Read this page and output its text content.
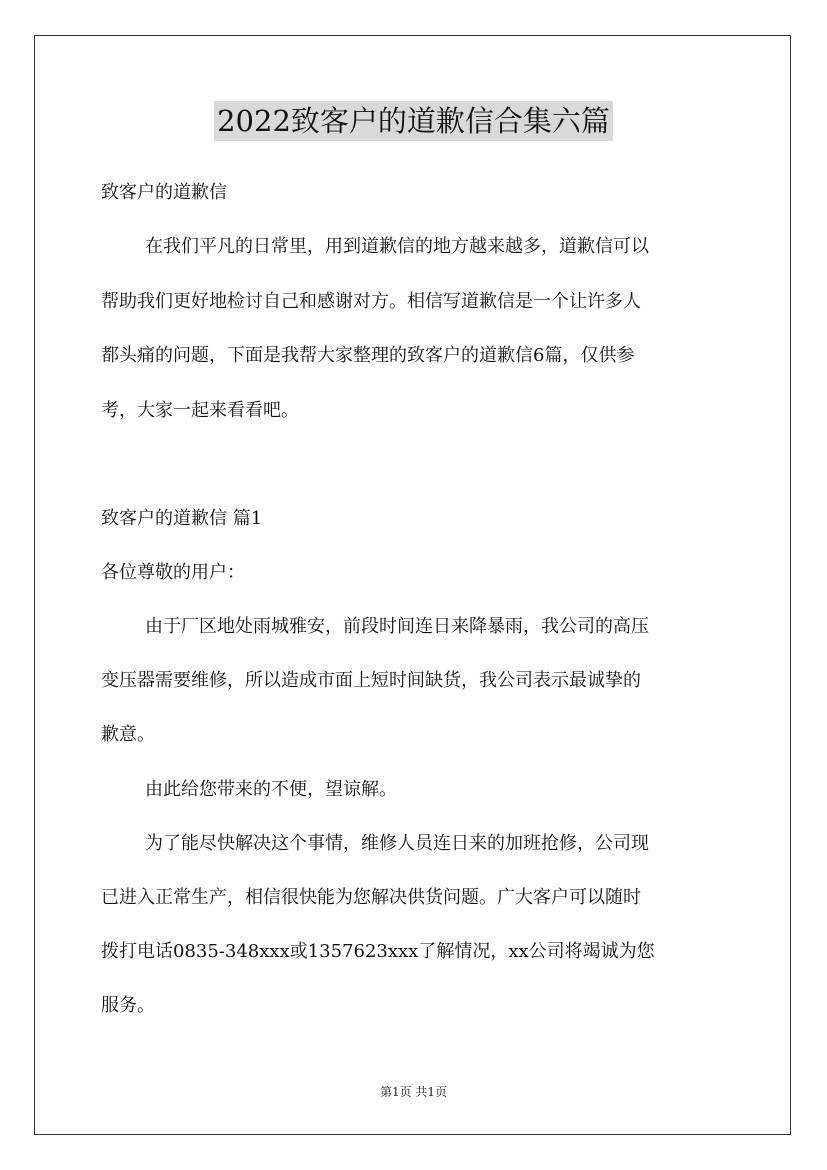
2022致客户的道歉信合集六篇
致客户的道歉信
在我们平凡的日常里，用到道歉信的地方越来越多，道歉信可以
帮助我们更好地检讨自己和感谢对方。相信写道歉信是一个让许多人
都头痛的问题，下面是我帮大家整理的致客户的道歉信6篇，仅供参
考，大家一起来看看吧。
致客户的道歉信 篇1
各位尊敬的用户：
由于厂区地处雨城雅安，前段时间连日来降暴雨，我公司的高压
变压器需要维修，所以造成市面上短时间缺货，我公司表示最诚挚的
歉意。
由此给您带来的不便，望谅解。
为了能尽快解决这个事情，维修人员连日来的加班抢修，公司现
已进入正常生产，相信很快能为您解决供货问题。广大客户可以随时
拨打电话0835-348xxx或1357623xxx了解情况，xx公司将竭诚为您
服务。
第1页 共1页
